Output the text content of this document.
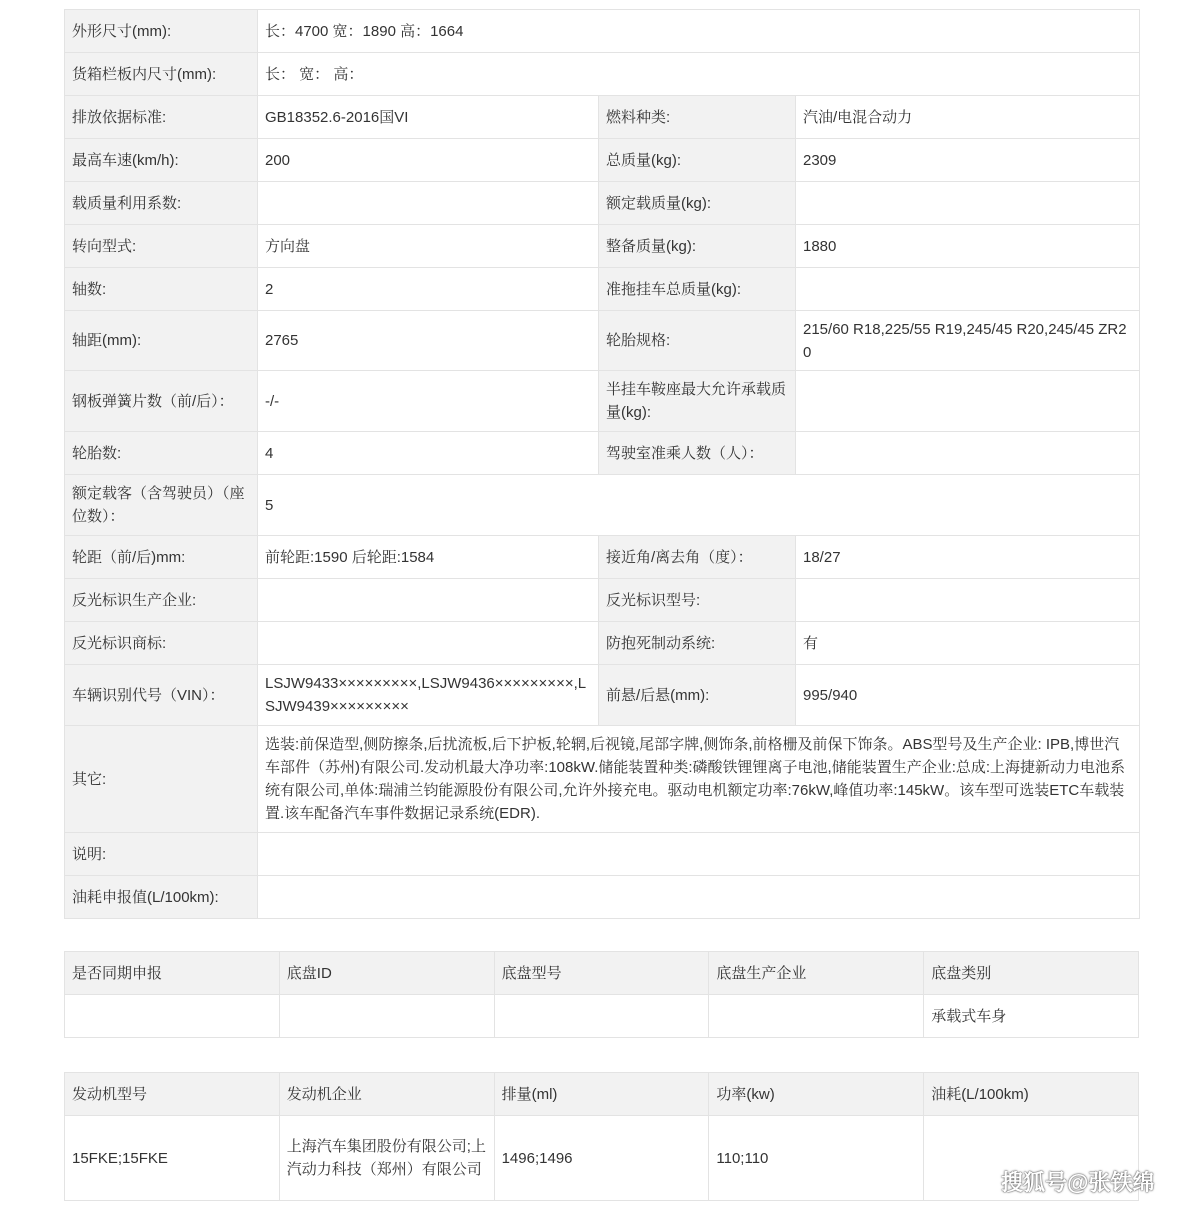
外形尺寸(mm):	长：4700 宽：1890 高：1664		
货箱栏板内尺寸(mm):	长： 宽： 高：		
排放依据标准:	GB18352.6-2016国VI	燃料种类:	汽油/电混合动力
最高车速(km/h):	200	总质量(kg):	2309
载质量利用系数:		额定载质量(kg):	
转向型式:	方向盘	整备质量(kg):	1880
轴数:	2	准拖挂车总质量(kg):	
轴距(mm):	2765	轮胎规格:	215/60 R18,225/55 R19,245/45 R20,245/45 ZR20
钢板弹簧片数（前/后）：	-/-	半挂车鞍座最大允许承载质量(kg):	
轮胎数:	4	驾驶室准乘人数（人）：	
额定载客（含驾驶员）（座位数）：	5		
轮距（前/后)mm:	前轮距:1590 后轮距:1584	接近角/离去角（度）：	18/27
反光标识生产企业:		反光标识型号:	
反光标识商标:		防抱死制动系统:	有
车辆识别代号（VIN）：	LSJW9433×××××××××,LSJW9436×××××××××,LSJW9439×××××××××	前悬/后悬(mm):	995/940
其它:	选装:前保造型,侧防擦条,后扰流板,后下护板,轮辋,后视镜,尾部字牌,侧饰条,前格栅及前保下饰条。ABS型号及生产企业: IPB,博世汽车部件（苏州)有限公司.发动机最大净功率:108kW.储能装置种类:磷酸铁锂锂离子电池,储能装置生产企业:总成:上海捷新动力电池系统有限公司,单体:瑞浦兰钧能源股份有限公司,允许外接充电。驱动电机额定功率:76kW,峰值功率:145kW。该车型可选装ETC车载装置.该车配备汽车事件数据记录系统(EDR).		
说明:			
油耗申报值(L/100km):			
是否同期申报	底盘ID	底盘型号	底盘生产企业	底盘类别
				承载式车身
发动机型号	发动机企业	排量(ml)	功率(kw)	油耗(L/100km)
15FKE;15FKE	上海汽车集团股份有限公司;上汽动力科技（郑州）有限公司	1496;1496	110;110	
搜狐号@张铁绵
